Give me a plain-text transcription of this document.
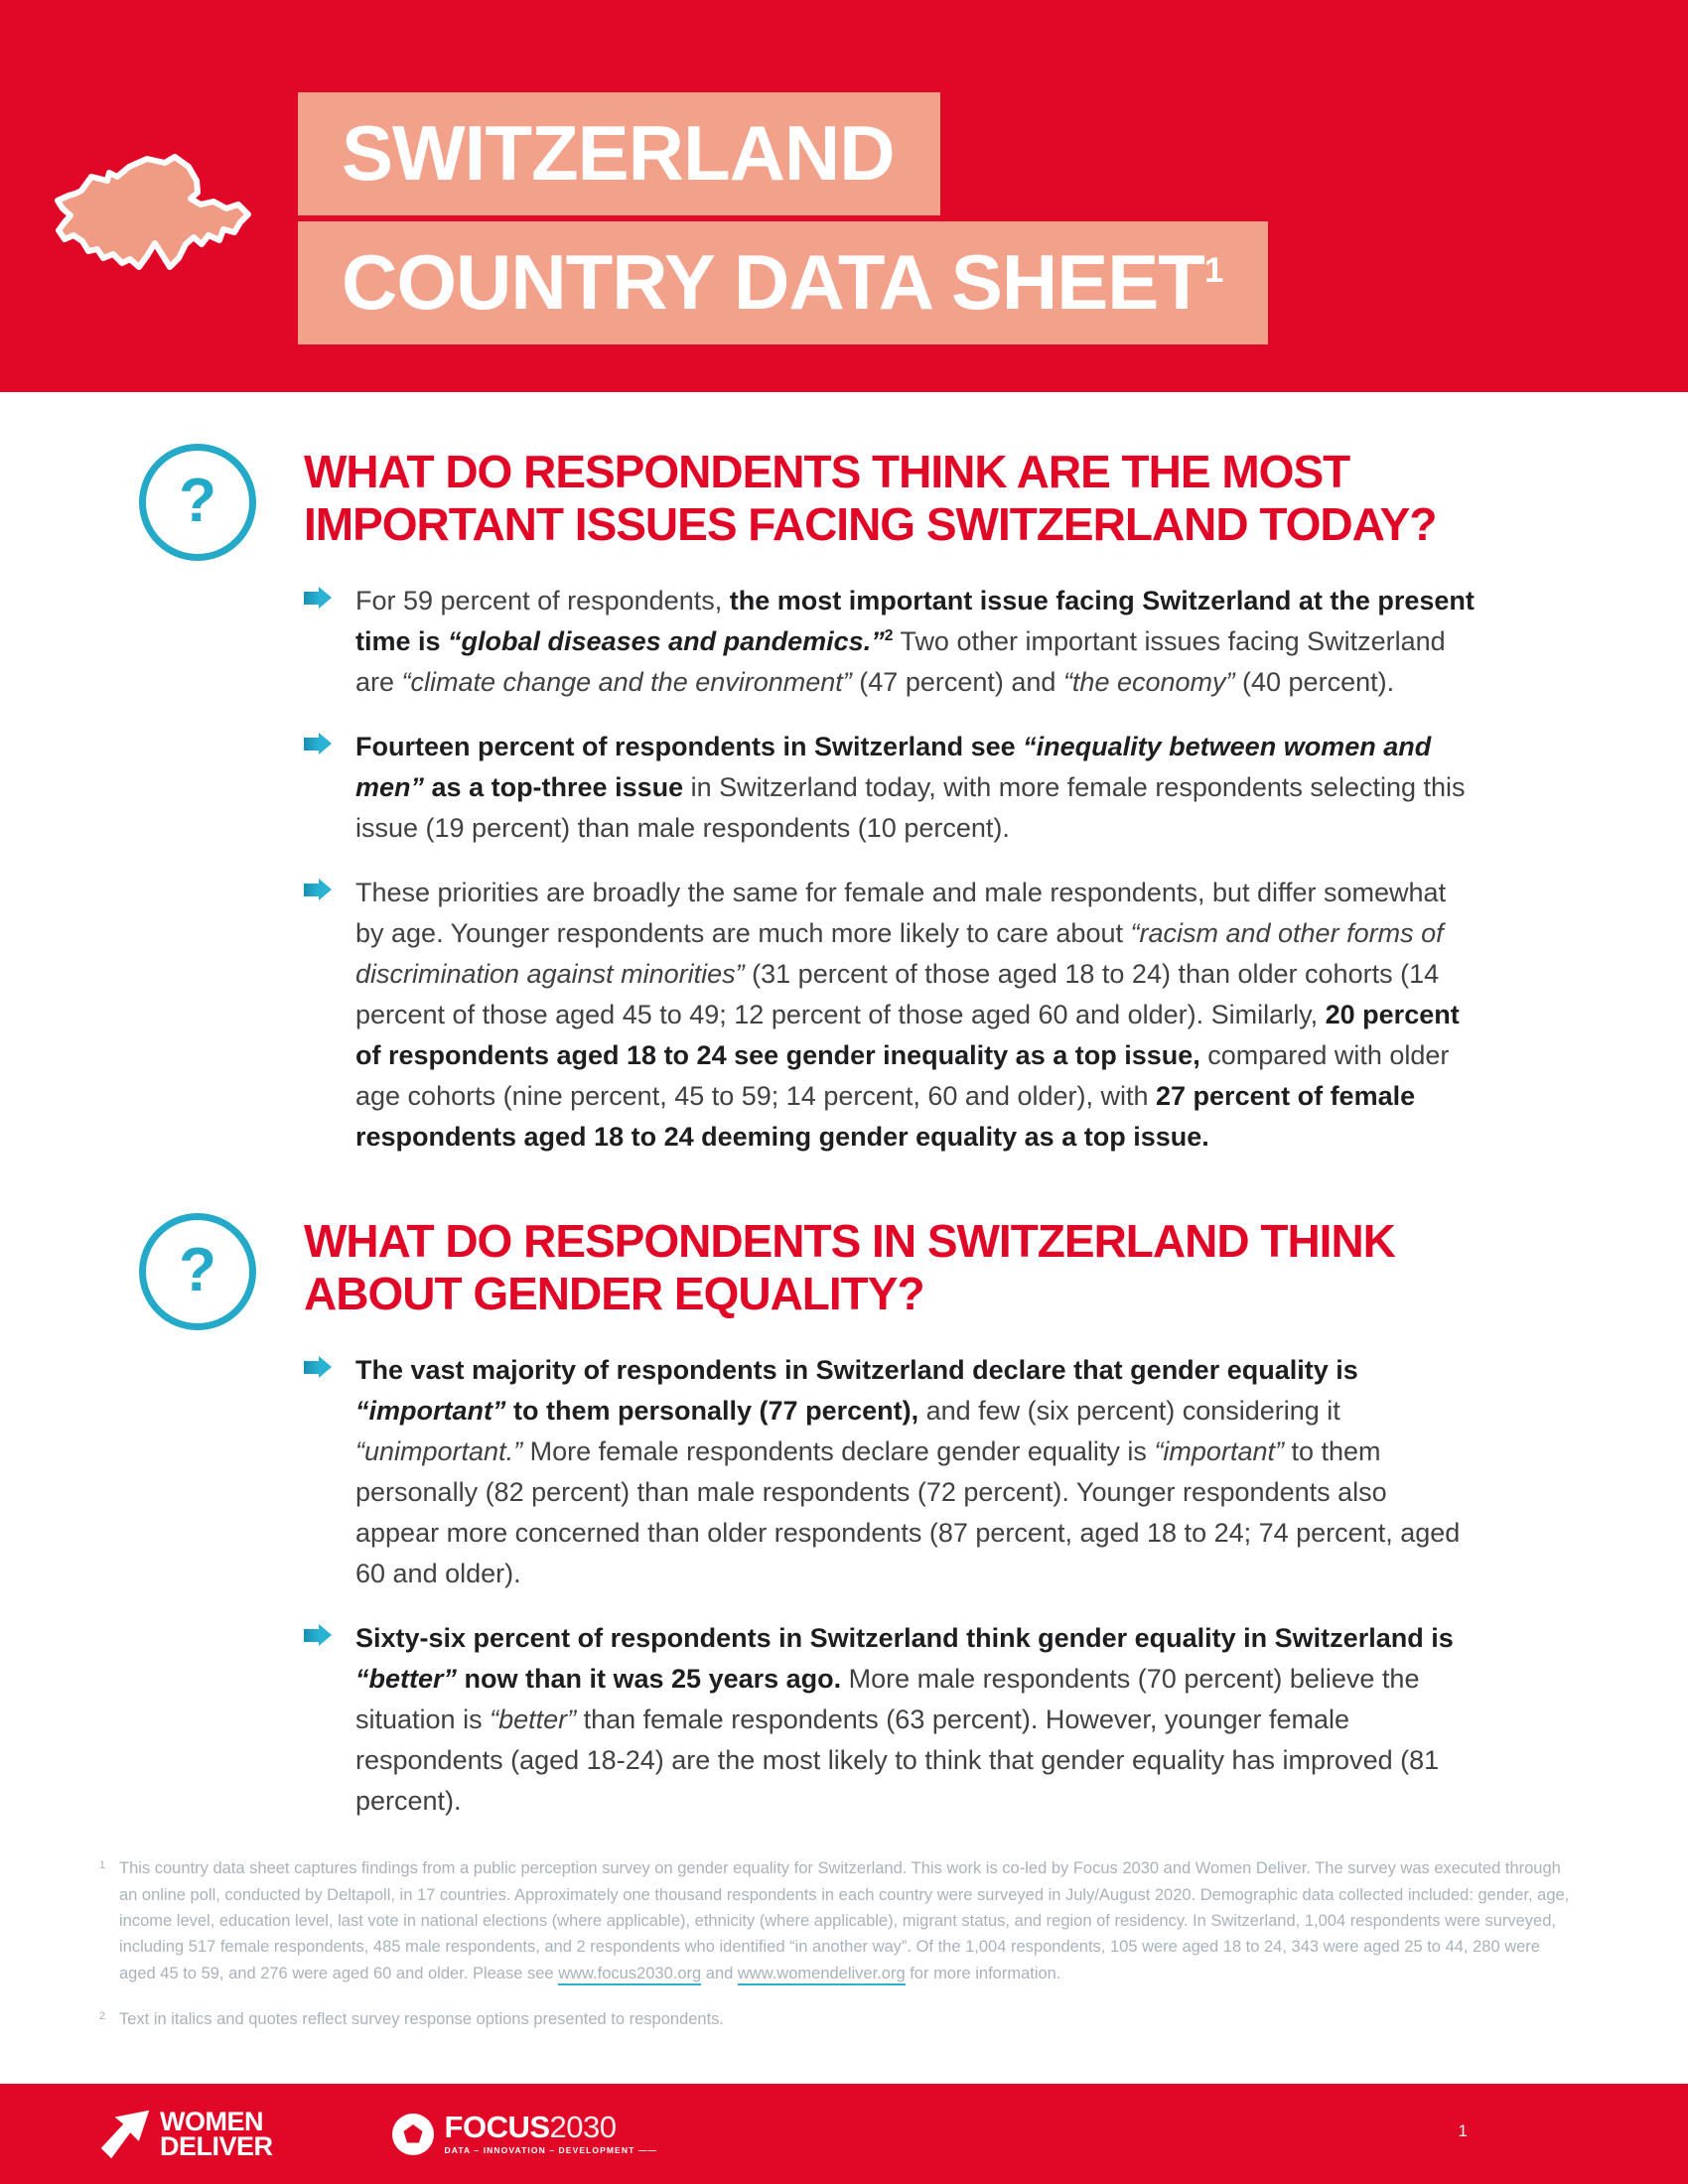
SWITZERLAND
COUNTRY DATA SHEET$^1$
? WHAT DO RESPONDENTS THINK ARE THE MOST IMPORTANT ISSUES FACING SWITZERLAND TODAY?

For 59 percent of respondents, the most important issue facing Switzerland at the present time is “global diseases and pandemics.”$^2$ Two other important issues facing Switzerland are “climate change and the environment” (47 percent) and “the economy” (40 percent).

Fourteen percent of respondents in Switzerland see “inequality between women and men” as a top-three issue in Switzerland today, with more female respondents selecting this issue (19 percent) than male respondents (10 percent).

These priorities are broadly the same for female and male respondents, but differ somewhat by age. Younger respondents are much more likely to care about “racism and other forms of discrimination against minorities” (31 percent of those aged 18 to 24) than older cohorts (14 percent of those aged 45 to 49; 12 percent of those aged 60 and older). Similarly, 20 percent of respondents aged 18 to 24 see gender inequality as a top issue, compared with older age cohorts (nine percent, 45 to 59; 14 percent, 60 and older), with 27 percent of female respondents aged 18 to 24 deeming gender equality as a top issue.

? WHAT DO RESPONDENTS IN SWITZERLAND THINK ABOUT GENDER EQUALITY?

The vast majority of respondents in Switzerland declare that gender equality is “important” to them personally (77 percent), and few (six percent) considering it “unimportant.” More female respondents declare gender equality is “important” to them personally (82 percent) than male respondents (72 percent). Younger respondents also appear more concerned than older respondents (87 percent, aged 18 to 24; 74 percent, aged 60 and older).

Sixty-six percent of respondents in Switzerland think gender equality in Switzerland is “better” now than it was 25 years ago. More male respondents (70 percent) believe the situation is “better” than female respondents (63 percent). However, younger female respondents (aged 18-24) are the most likely to think that gender equality has improved (81 percent).

1 This country data sheet captures findings from a public perception survey on gender equality for Switzerland. This work is co-led by Focus 2030 and Women Deliver. The survey was executed through an online poll, conducted by Deltapoll, in 17 countries. Approximately one thousand respondents in each country were surveyed in July/August 2020. Demographic data collected included: gender, age, income level, education level, last vote in national elections (where applicable), ethnicity (where applicable), migrant status, and region of residency. In Switzerland, 1,004 respondents were surveyed, including 517 female respondents, 485 male respondents, and 2 respondents who identified “in another way”. Of the 1,004 respondents, 105 were aged 18 to 24, 343 were aged 25 to 44, 280 were aged 45 to 59, and 276 were aged 60 and older. Please see www.focus2030.org and www.womendeliver.org for more information.
2 Text in italics and quotes reflect survey response options presented to respondents.
WOMEN
DELIVER
FOCUS2030
DATA – INNOVATION – DEVELOPMENT ——
1
